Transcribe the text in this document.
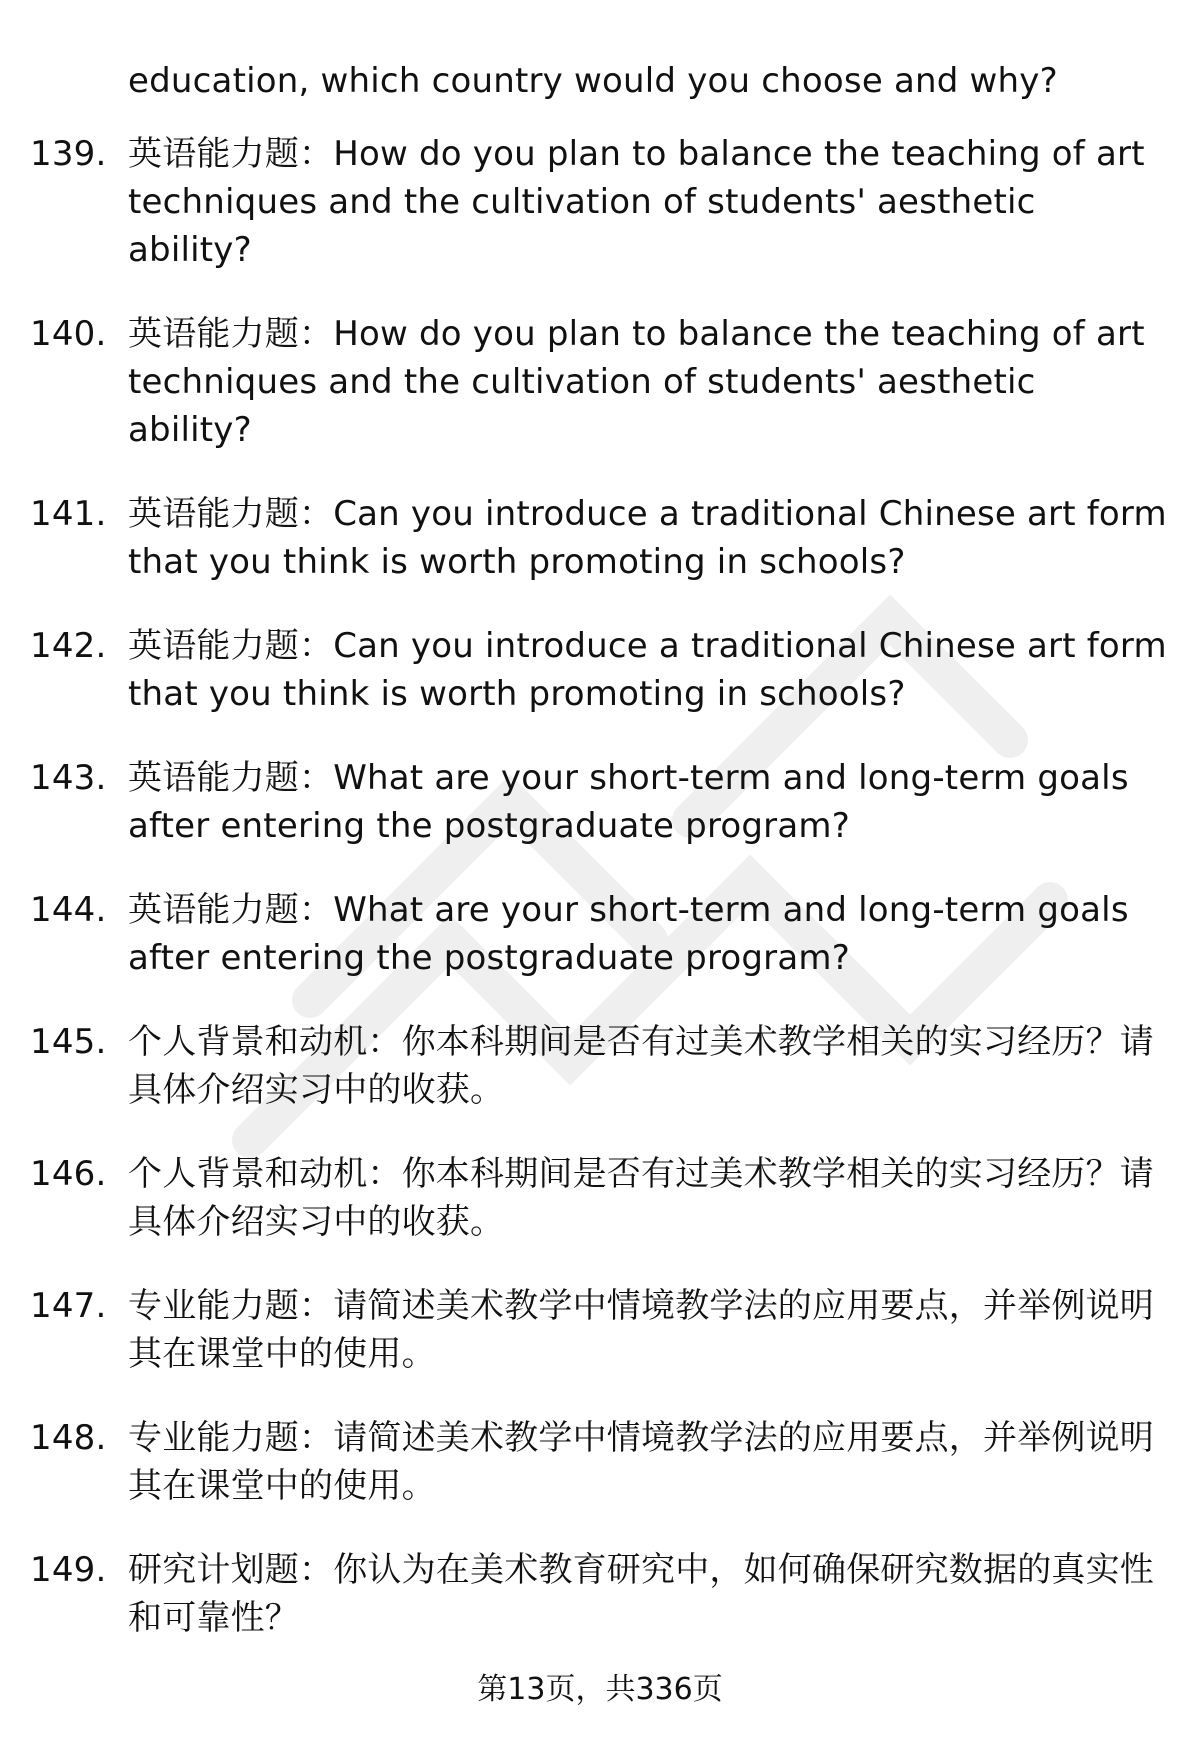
education, which country would you choose and why?
139. 英语能力题：How do you plan to balance the teaching of art techniques and the cultivation of students' aesthetic ability?
140. 英语能力题：How do you plan to balance the teaching of art techniques and the cultivation of students' aesthetic ability?
141. 英语能力题：Can you introduce a traditional Chinese art form that you think is worth promoting in schools?
142. 英语能力题：Can you introduce a traditional Chinese art form that you think is worth promoting in schools?
143. 英语能力题：What are your short-term and long-term goals after entering the postgraduate program?
144. 英语能力题：What are your short-term and long-term goals after entering the postgraduate program?
145. 个人背景和动机：你本科期间是否有过美术教学相关的实习经历？请具体介绍实习中的收获。
146. 个人背景和动机：你本科期间是否有过美术教学相关的实习经历？请具体介绍实习中的收获。
147. 专业能力题：请简述美术教学中情境教学法的应用要点，并举例说明其在课堂中的使用。
148. 专业能力题：请简述美术教学中情境教学法的应用要点，并举例说明其在课堂中的使用。
149. 研究计划题：你认为在美术教育研究中，如何确保研究数据的真实性和可靠性？
第13页，共336页
